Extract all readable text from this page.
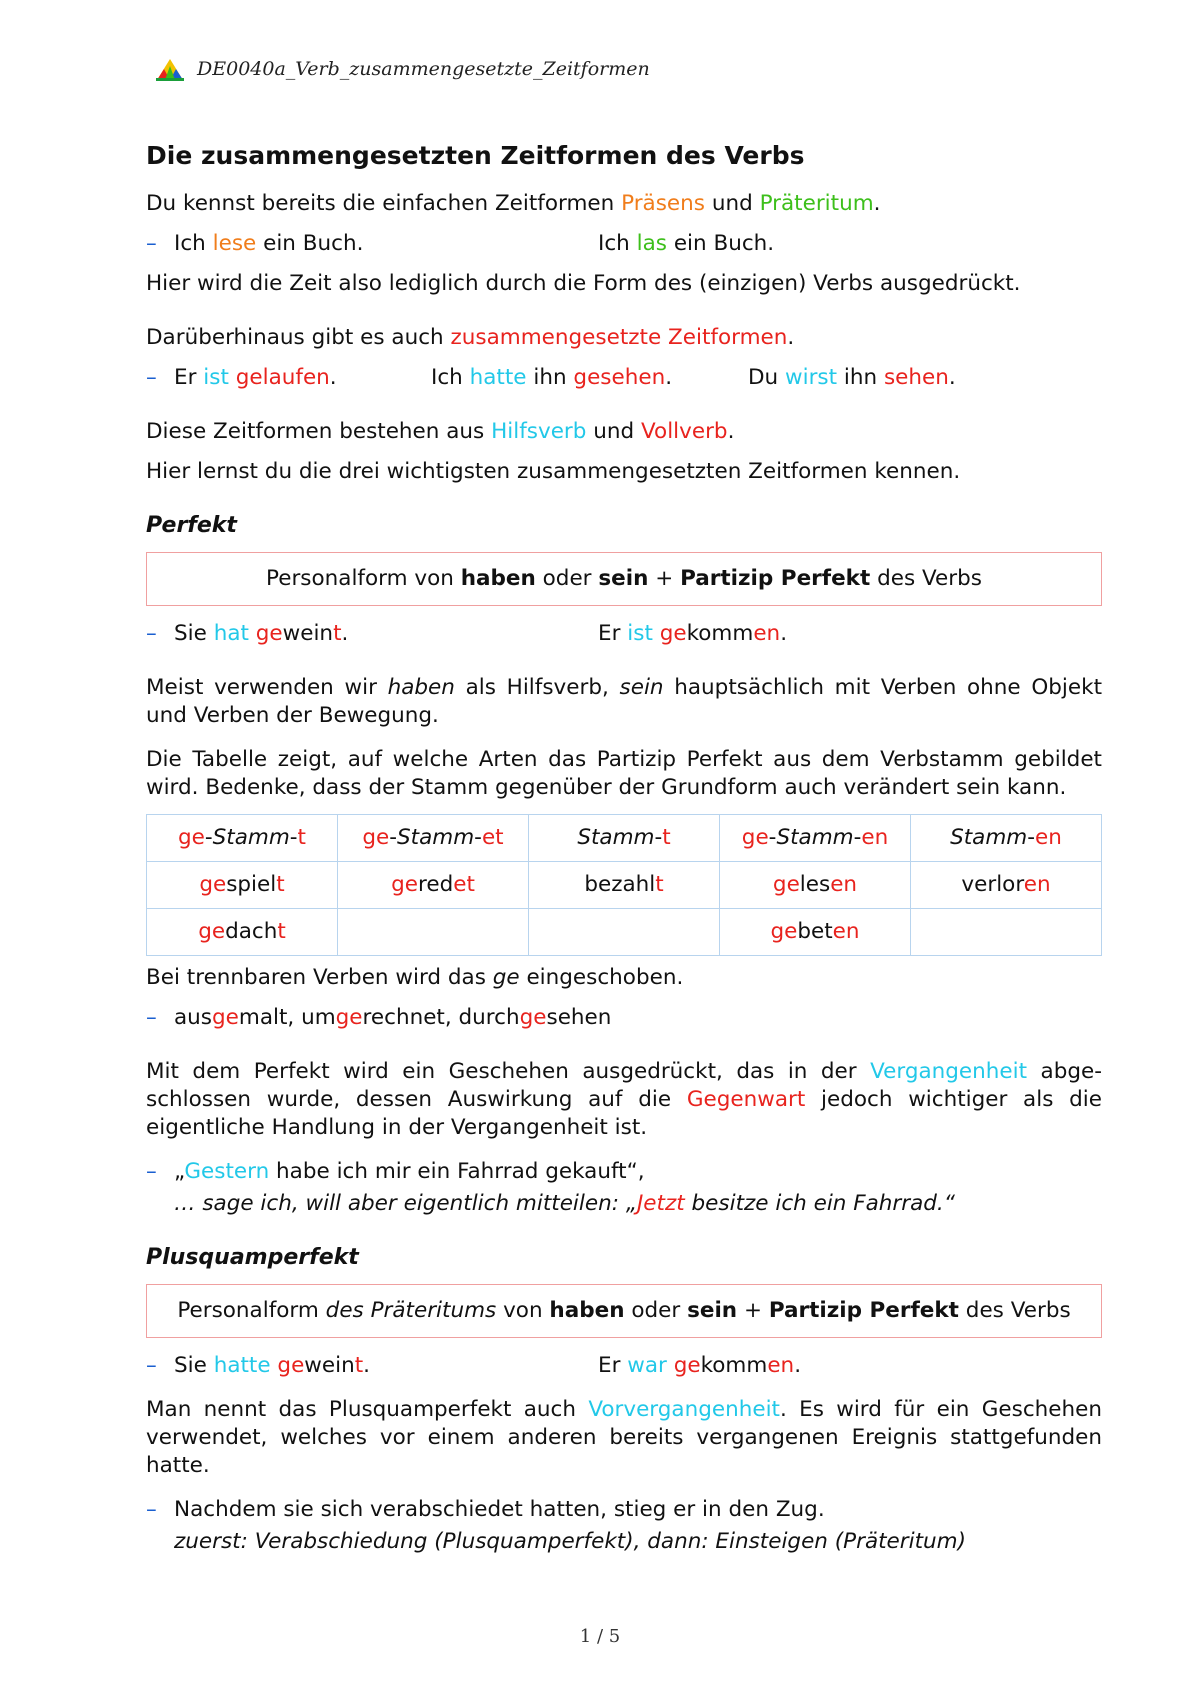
DE0040a_Verb_zusammengesetzte_Zeitformen
Die zusammengesetzten Zeitformen des Verbs

Du kennst bereits die einfachen Zeitformen Präsens und Präteritum.

– Ich lese ein Buch.	Ich las ein Buch.

Hier wird die Zeit also lediglich durch die Form des (einzigen) Verbs ausgedrückt.

Darüberhinaus gibt es auch zusammengesetzte Zeitformen.

– Er ist gelaufen.	Ich hatte ihn gesehen.	Du wirst ihn sehen.

Diese Zeitformen bestehen aus Hilfsverb und Vollverb.

Hier lernst du die drei wichtigsten zusammengesetzten Zeitformen kennen.

Perfekt
Personalform von haben oder sein + Partizip Perfekt des Verbs
– Sie hat geweint.	Er ist gekommen.

Meist verwenden wir haben als Hilfsverb, sein hauptsächlich mit Verben ohne Objekt und Verben der Bewegung.

Die Tabelle zeigt, auf welche Arten das Partizip Perfekt aus dem Verbstamm gebildet wird. Bedenke, dass der Stamm gegenüber der Grundform auch verändert sein kann.

ge-Stamm-t	ge-Stamm-et	Stamm-t	ge-Stamm-en	Stamm-en
gespielt	geredet	bezahlt	gelesen	verloren
gedacht			gebeten	

Bei trennbaren Verben wird das ge eingeschoben.

– ausgemalt, umgerechnet, durchgesehen

Mit dem Perfekt wird ein Geschehen ausgedrückt, das in der Vergangenheit abgeschlossen wurde, dessen Auswirkung auf die Gegenwart jedoch wichtiger als die eigentliche Handlung in der Vergangenheit ist.

– „Gestern habe ich mir ein Fahrrad gekauft“,

… sage ich, will aber eigentlich mitteilen: „Jetzt besitze ich ein Fahrrad.“

Plusquamperfekt
Personalform des Präteritums von haben oder sein + Partizip Perfekt des Verbs
– Sie hatte geweint.	Er war gekommen.

Man nennt das Plusquamperfekt auch Vorvergangenheit. Es wird für ein Geschehen verwendet, welches vor einem anderen bereits vergangenen Ereignis stattgefunden hatte.

– Nachdem sie sich verabschiedet hatten, stieg er in den Zug.

zuerst: Verabschiedung (Plusquamperfekt), dann: Einsteigen (Präteritum)

1 / 5
